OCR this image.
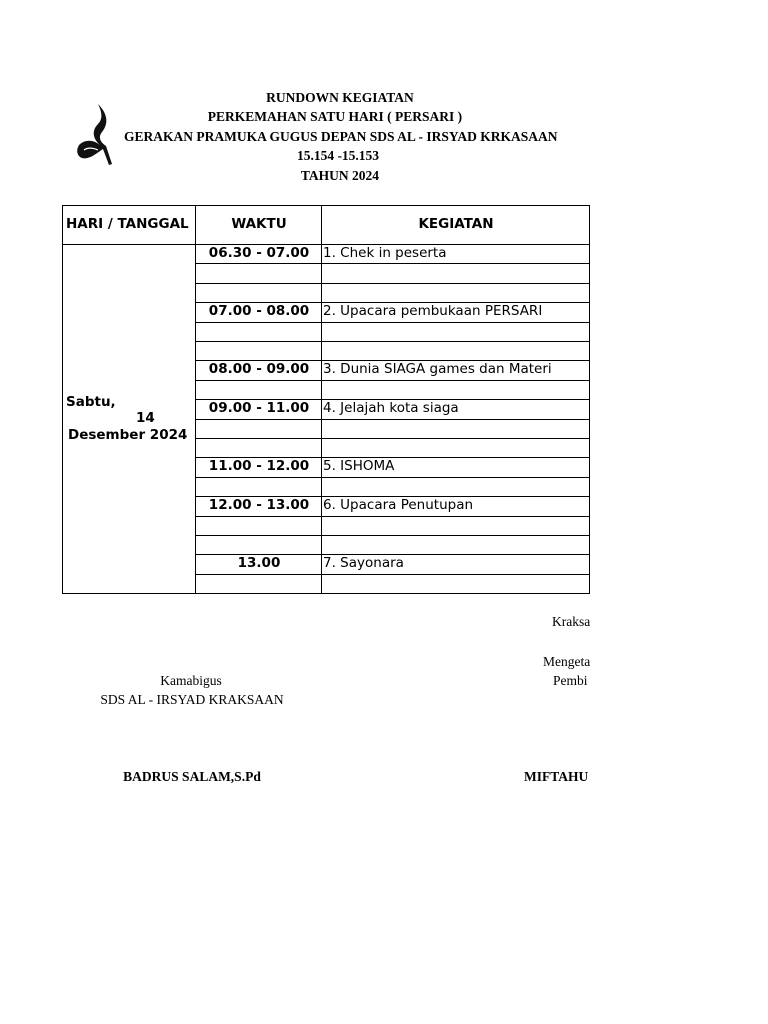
RUNDOWN KEGIATAN
PERKEMAHAN SATU HARI ( PERSARI )
GERAKAN PRAMUKA GUGUS DEPAN SDS AL - IRSYAD KRKASAAN
15.154 -15.153
TAHUN 2024
HARI / TANGGAL	WAKTU	KEGIATAN
Sabtu,
14
Desember 2024
06.30 - 07.00	1. Chek in peserta
07.00 - 08.00	2. Upacara pembukaan PERSARI
08.00 - 09.00	3. Dunia SIAGA games dan Materi
09.00 - 11.00	4. Jelajah kota siaga
11.00 - 12.00	5. ISHOMA
12.00 - 13.00	6. Upacara Penutupan
13.00	7. Sayonara
Kraksa
Mengeta
Pembi
MIFTAHU
Kamabigus
SDS AL - IRSYAD KRAKSAAN
BADRUS SALAM,S.Pd
